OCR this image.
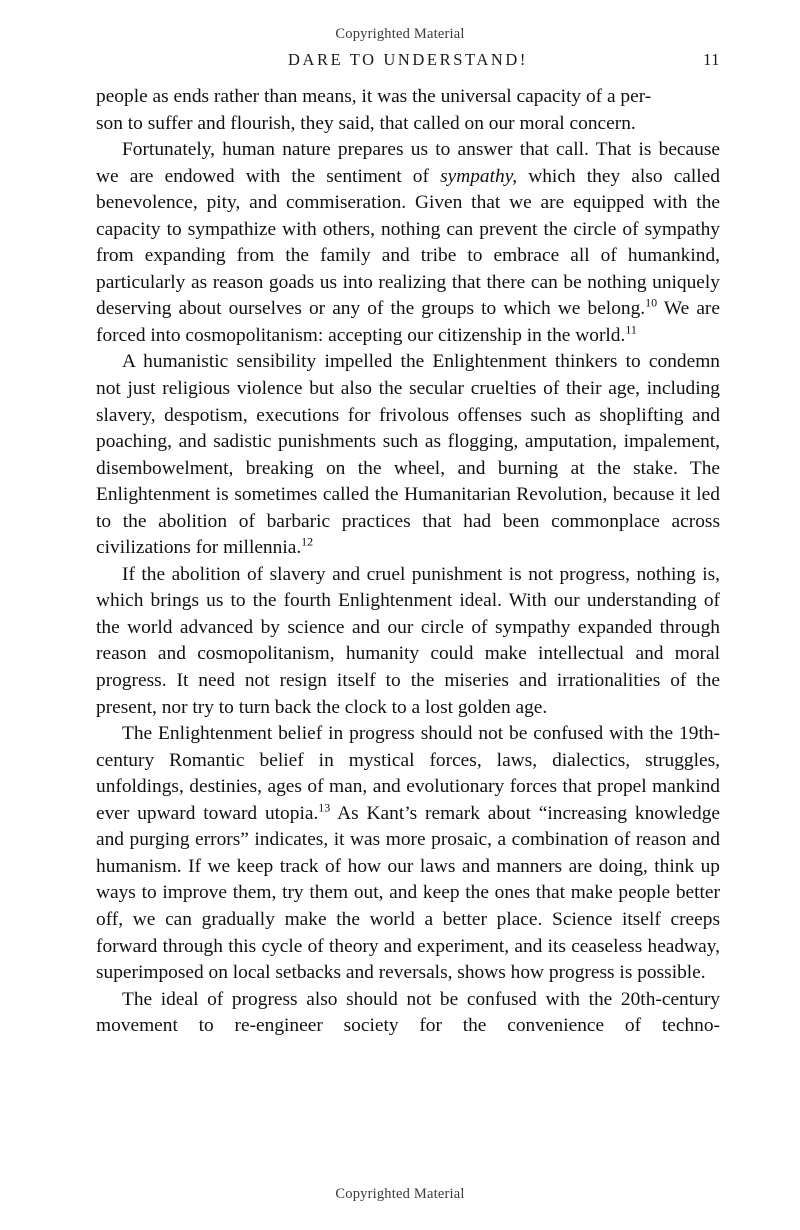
Copyrighted Material
DARE TO UNDERSTAND!	11

people as ends rather than means, it was the universal capacity of a per-
son to suffer and flourish, they said, that called on our moral concern.

Fortunately, human nature prepares us to answer that call. That is because we are endowed with the sentiment of sympathy, which they also called benevolence, pity, and commiseration. Given that we are equipped with the capacity to sympathize with others, nothing can prevent the circle of sympathy from expanding from the family and tribe to embrace all of humankind, particularly as reason goads us into realizing that there can be nothing uniquely deserving about ourselves or any of the groups to which we belong.$^{10}$ We are forced into cosmopolitanism: accepting our citizenship in the world.$^{11}$

A humanistic sensibility impelled the Enlightenment thinkers to condemn not just religious violence but also the secular cruelties of their age, including slavery, despotism, executions for frivolous offenses such as shoplifting and poaching, and sadistic punishments such as flogging, amputation, impalement, disembowelment, breaking on the wheel, and burning at the stake. The Enlightenment is sometimes called the Humanitarian Revolution, because it led to the abolition of barbaric practices that had been commonplace across civilizations for millennia.$^{12}$

If the abolition of slavery and cruel punishment is not progress, nothing is, which brings us to the fourth Enlightenment ideal. With our understanding of the world advanced by science and our circle of sympathy expanded through reason and cosmopolitanism, humanity could make intellectual and moral progress. It need not resign itself to the miseries and irrationalities of the present, nor try to turn back the clock to a lost golden age.

The Enlightenment belief in progress should not be confused with the 19th-century Romantic belief in mystical forces, laws, dialectics, struggles, unfoldings, destinies, ages of man, and evolutionary forces that propel mankind ever upward toward utopia.$^{13}$ As Kant’s remark about “increasing knowledge and purging errors” indicates, it was more prosaic, a combination of reason and humanism. If we keep track of how our laws and manners are doing, think up ways to improve them, try them out, and keep the ones that make people better off, we can gradually make the world a better place. Science itself creeps forward through this cycle of theory and experiment, and its ceaseless headway, superimposed on local setbacks and reversals, shows how progress is possible.

The ideal of progress also should not be confused with the 20th-century movement to re-engineer society for the convenience of techno-

Copyrighted Material
